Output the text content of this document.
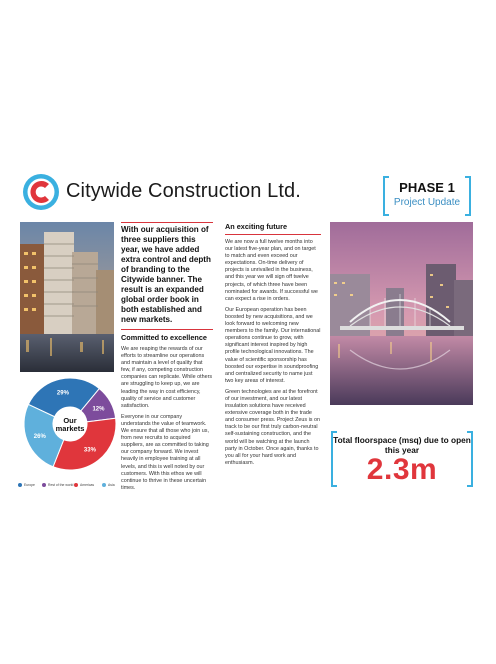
Citywide Construction Ltd.	PHASE 1
Project Update
With our acquisition of three suppliers this year, we have added extra control and depth of branding to the Citywide banner. The result is an expanded global order book in both established and new markets.
Committed to excellence
We are reaping the rewards of our efforts to streamline our operations and maintain a level of quality that few, if any, competing construction companies can replicate. While others are struggling to keep up, we are leading the way in cost efficiency, quality of service and customer satisfaction.
Everyone in our company understands the value of teamwork. We ensure that all those who join us, from new recruits to acquired suppliers, are as committed to taking our company forward. We invest heavily in employee training at all levels, and this is well noted by our customers. With this ethos we will continue to thrive in these uncertain times.
An exciting future
We are now a full twelve months into our latest five-year plan, and on target to match and even exceed our expectations. On-time delivery of projects is unrivalled in the business, and this year we will sign off twelve projects, of which three have been nominated for awards. If successful we can expect a rise in orders.
Our European operation has been boosted by new acquisitions, and we look forward to welcoming new members to the family. Our international operations continue to grow, with significant interest inspired by high profile technological innovations. The value of scientific sponsorship has boosted our expertise in soundproofing and centralized security to name just two key areas of interest.
Green technologies are at the forefront of our investment, and our latest insulation solutions have received extensive coverage both in the trade and consumer press. Project Zeus is on track to be our first truly carbon-neutral self-sustaining construction, and the world will be watching at the launch party in October. Once again, thanks to you all for your hard work and enthusiasm.
29%
12%
33%
26%
Our
markets
Europe	Rest of the world Americas	Asia
Total floorspace (msq) due to open this year
2.3m
